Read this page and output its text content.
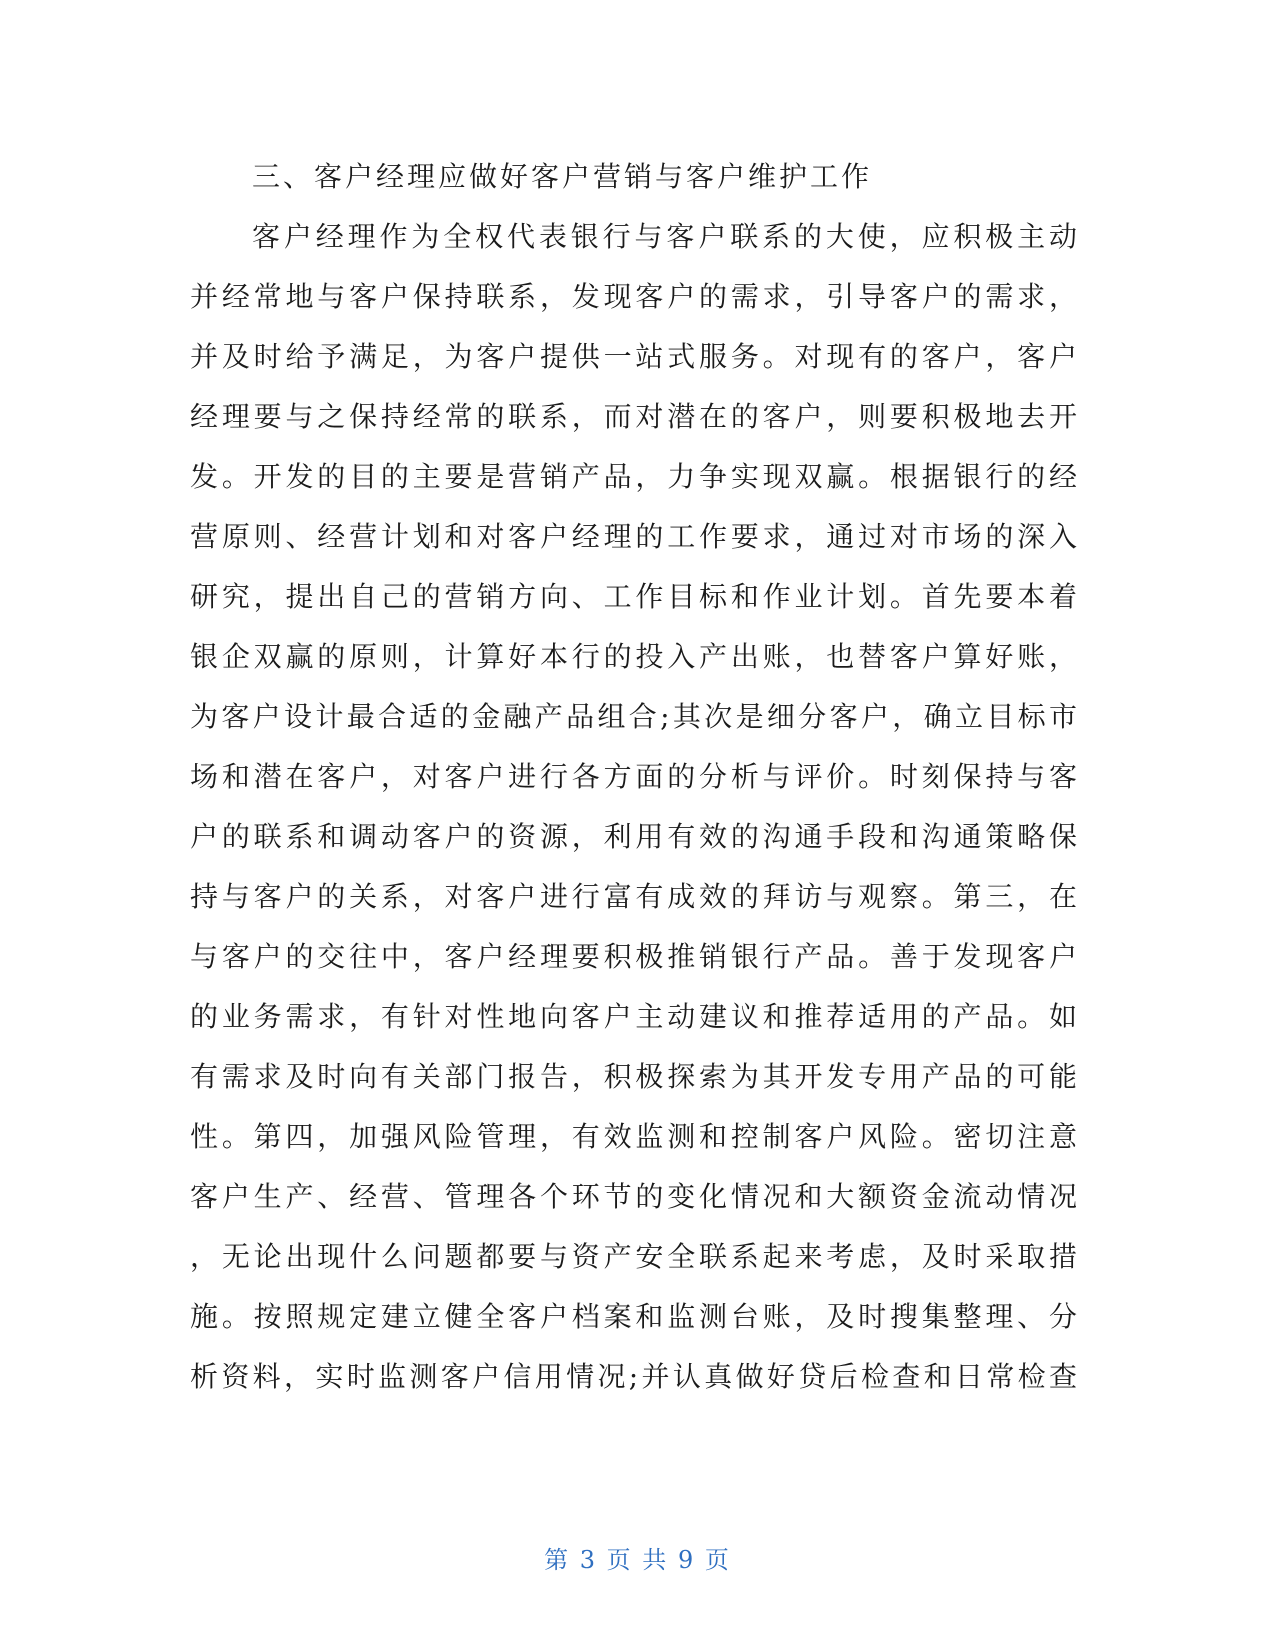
三、客户经理应做好客户营销与客户维护工作
客户经理作为全权代表银行与客户联系的大使，应积极主动
并经常地与客户保持联系，发现客户的需求，引导客户的需求，
并及时给予满足，为客户提供一站式服务。对现有的客户，客户
经理要与之保持经常的联系，而对潜在的客户，则要积极地去开
发。开发的目的主要是营销产品，力争实现双赢。根据银行的经
营原则、经营计划和对客户经理的工作要求，通过对市场的深入
研究，提出自己的营销方向、工作目标和作业计划。首先要本着
银企双赢的原则，计算好本行的投入产出账，也替客户算好账，
为客户设计最合适的金融产品组合;其次是细分客户，确立目标市
场和潜在客户，对客户进行各方面的分析与评价。时刻保持与客
户的联系和调动客户的资源，利用有效的沟通手段和沟通策略保
持与客户的关系，对客户进行富有成效的拜访与观察。第三，在
与客户的交往中，客户经理要积极推销银行产品。善于发现客户
的业务需求，有针对性地向客户主动建议和推荐适用的产品。如
有需求及时向有关部门报告，积极探索为其开发专用产品的可能
性。第四，加强风险管理，有效监测和控制客户风险。密切注意
客户生产、经营、管理各个环节的变化情况和大额资金流动情况
，无论出现什么问题都要与资产安全联系起来考虑，及时采取措
施。按照规定建立健全客户档案和监测台账，及时搜集整理、分
析资料，实时监测客户信用情况;并认真做好贷后检查和日常检查
第 3 页 共 9 页
